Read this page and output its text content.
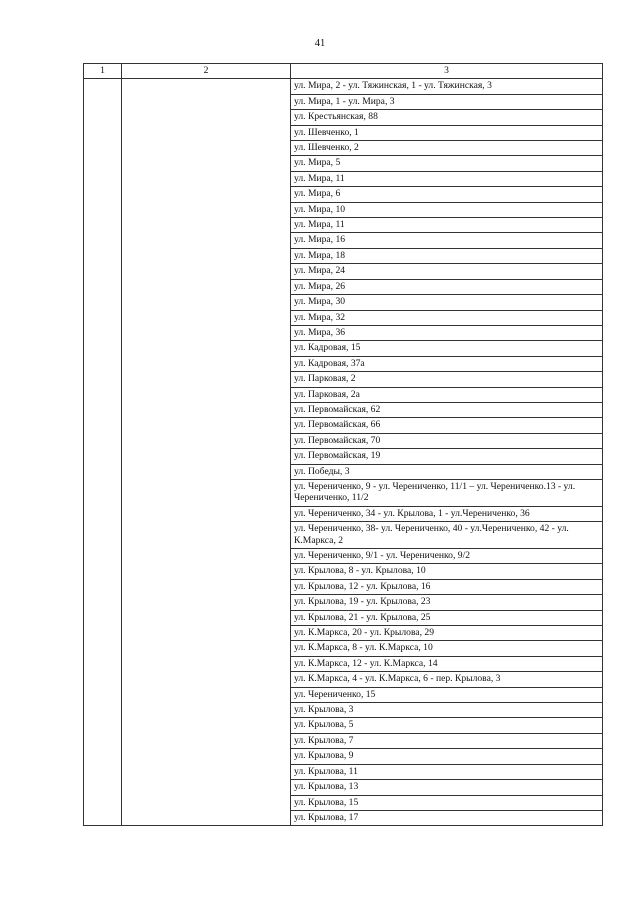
41
1	2	3
		ул. Мира, 2 - ул. Тяжинская, 1 - ул. Тяжинская, 3
		ул. Мира, 1 - ул. Мира, 3
		ул. Крестьянская, 88
		ул. Шевченко, 1
		ул. Шевченко, 2
		ул. Мира, 5
		ул. Мира, 11
		ул. Мира, 6
		ул. Мира, 10
		ул. Мира, 11
		ул. Мира, 16
		ул. Мира, 18
		ул. Мира, 24
		ул. Мира, 26
		ул. Мира, 30
		ул. Мира, 32
		ул. Мира, 36
		ул. Кадровая, 15
		ул. Кадровая, 37а
		ул. Парковая, 2
		ул. Парковая, 2а
		ул. Первомайская, 62
		ул. Первомайская, 66
		ул. Первомайская, 70
		ул. Первомайская, 19
		ул. Победы, 3
		ул. Черениченко, 9 - ул. Черениченко, 11/1 – ул. Черениченко.13 - ул. Черениченко, 11/2
		ул. Черениченко, 34 - ул. Крылова, 1 - ул.Черениченко, 36
		ул. Черениченко, 38- ул. Черениченко, 40 - ул.Черениченко, 42 - ул. К.Маркса, 2
		ул. Черениченко, 9/1 - ул. Черениченко, 9/2
		ул. Крылова, 8 - ул. Крылова, 10
		ул. Крылова, 12 - ул. Крылова, 16
		ул. Крылова, 19 - ул. Крылова, 23
		ул. Крылова, 21 - ул. Крылова, 25
		ул. К.Маркса, 20 - ул. Крылова, 29
		ул. К.Маркса, 8 - ул. К.Маркса, 10
		ул. К.Маркса, 12 - ул. К.Маркса, 14
		ул. К.Маркса, 4 - ул. К.Маркса, 6 - пер. Крылова, 3
		ул. Черениченко, 15
		ул. Крылова, 3
		ул. Крылова, 5
		ул. Крылова, 7
		ул. Крылова, 9
		ул. Крылова, 11
		ул. Крылова, 13
		ул. Крылова, 15
		ул. Крылова, 17
